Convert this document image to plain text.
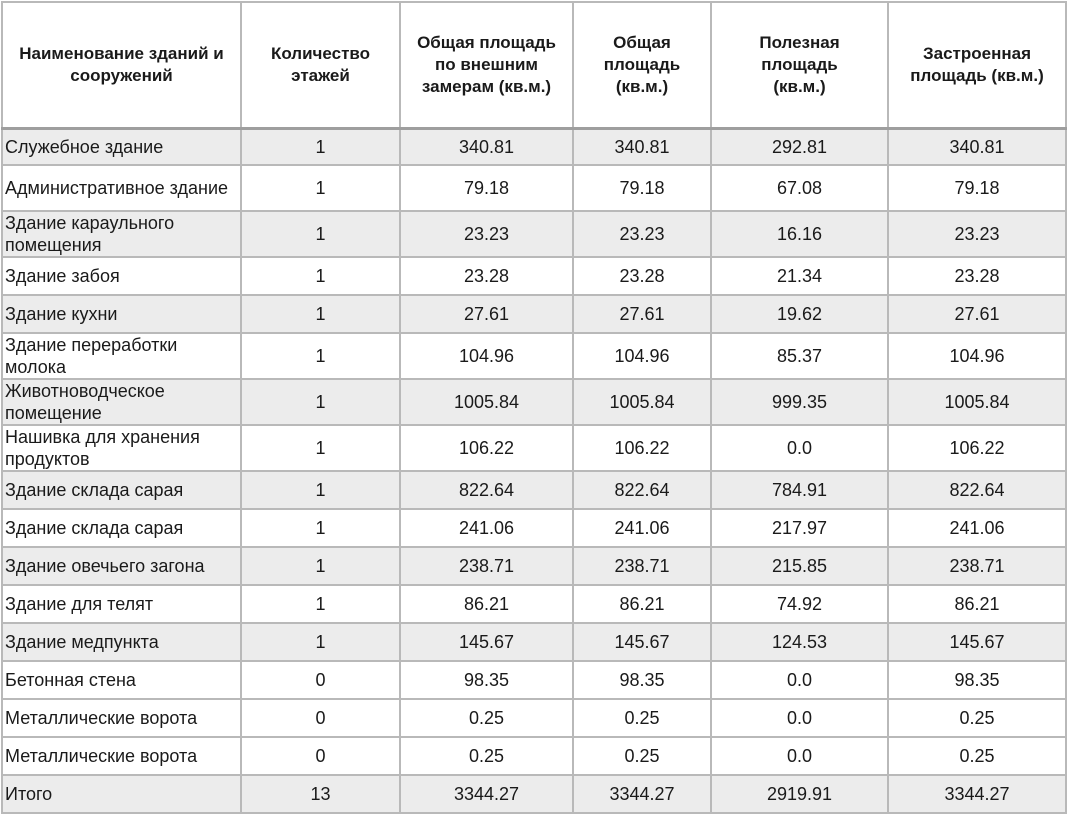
Наименование зданий и сооружений	Количество этажей	Общая площадь по внешним замерам (кв.м.)	Общая площадь (кв.м.)	Полезная площадь (кв.м.)	Застроенная площадь (кв.м.)
Служебное здание	1	340.81	340.81	292.81	340.81
Административное здание	1	79.18	79.18	67.08	79.18
Здание караульного помещения	1	23.23	23.23	16.16	23.23
Здание забоя	1	23.28	23.28	21.34	23.28
Здание кухни	1	27.61	27.61	19.62	27.61
Здание переработки молока	1	104.96	104.96	85.37	104.96
Животноводческое помещение	1	1005.84	1005.84	999.35	1005.84
Нашивка для хранения продуктов	1	106.22	106.22	0.0	106.22
Здание склада сарая	1	822.64	822.64	784.91	822.64
Здание склада сарая	1	241.06	241.06	217.97	241.06
Здание овечьего загона	1	238.71	238.71	215.85	238.71
Здание для телят	1	86.21	86.21	74.92	86.21
Здание медпункта	1	145.67	145.67	124.53	145.67
Бетонная стена	0	98.35	98.35	0.0	98.35
Металлические ворота	0	0.25	0.25	0.0	0.25
Металлические ворота	0	0.25	0.25	0.0	0.25
Итого	13	3344.27	3344.27	2919.91	3344.27
